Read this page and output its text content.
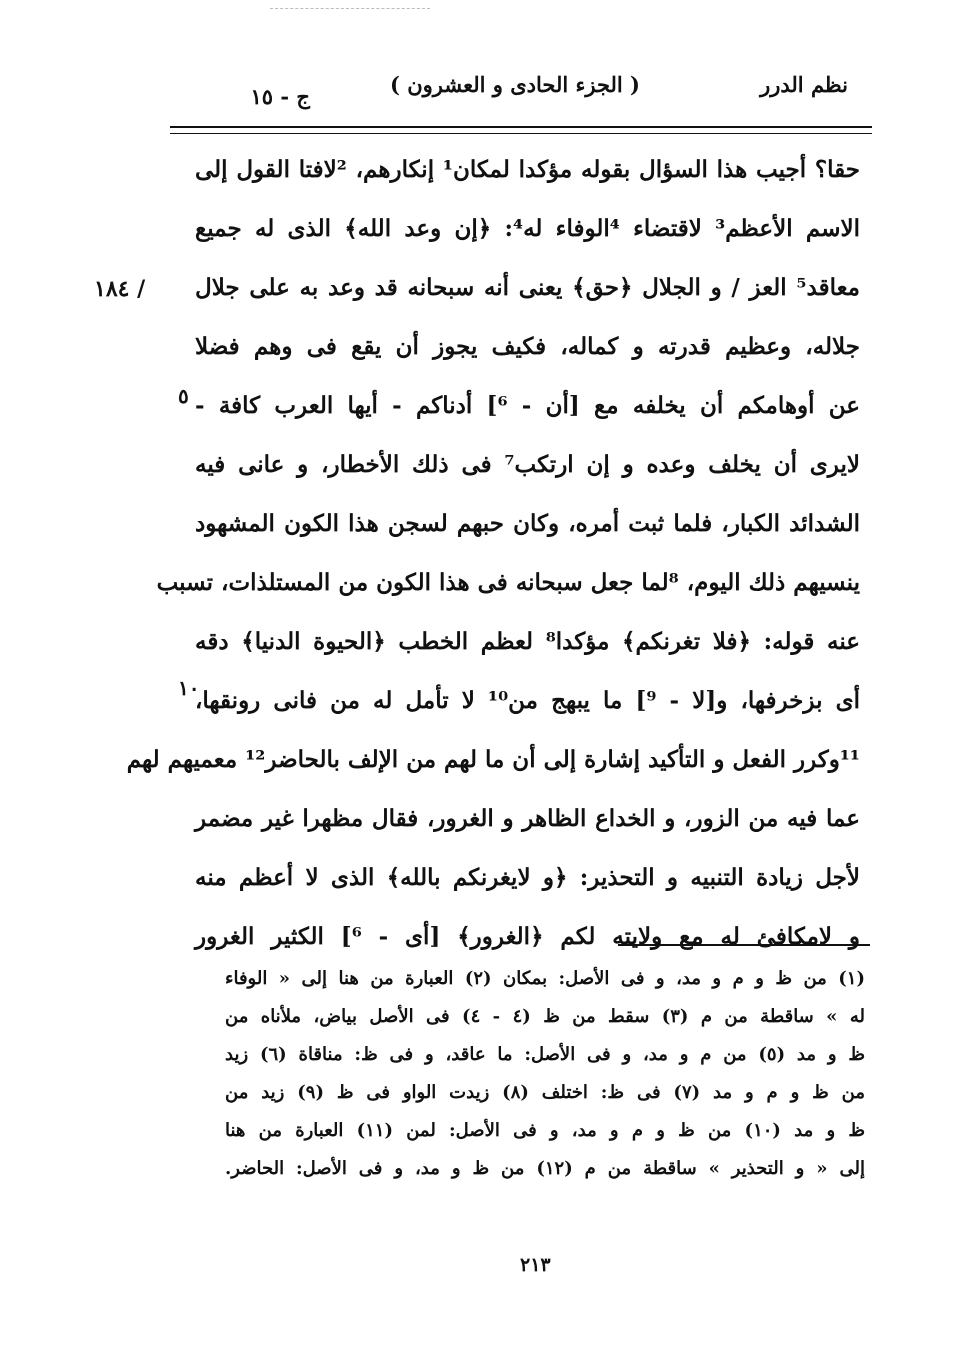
نظم الدرر
( الجزء الحادى و العشرون )
ج - ١٥
/ ١٨٤
٥
١٠
حقا؟ أجيب هذا السؤال بقوله مؤكدا لمكان¹ إنكارهم، ²لافتا القول إلى
الاسم الأعظم³ لاقتضاء ⁴الوفاء له⁴: ﴿إن وعد الله﴾ الذى له جميع
معاقد⁵ العز / و الجلال ﴿حق﴾ يعنى أنه سبحانه قد وعد به على جلال
جلاله، وعظيم قدرته و كماله، فكيف يجوز أن يقع فى وهم فضلا
عن أوهامكم أن يخلفه مع [أن - ⁶] أدناكم - أيها العرب كافة -
لايرى أن يخلف وعده و إن ارتكب⁷ فى ذلك الأخطار، و عانى فيه
الشدائد الكبار، فلما ثبت أمره، وكان حبهم لسجن هذا الكون المشهود
ينسيهم ذلك اليوم، ⁸لما جعل سبحانه فى هذا الكون من المستلذات، تسبب
عنه قوله: ﴿فلا تغرنكم﴾ مؤكدا⁸ لعظم الخطب ﴿الحيوة الدنيا﴾ دقه
أى بزخرفها، و[لا - ⁹] ما يبهج من¹⁰ لا تأمل له من فانى رونقها،
¹¹وكرر الفعل و التأكيد إشارة إلى أن ما لهم من الإلف بالحاضر¹² معميهم لهم
عما فيه من الزور، و الخداع الظاهر و الغرور، فقال مظهرا غير مضمر
لأجل زيادة التنبيه و التحذير: ﴿و لايغرنكم بالله﴾ الذى لا أعظم منه
و لامكافئ له مع ولايته لكم ﴿الغرور﴾ [أى - ⁶] الكثير الغرور
(١) من ظ و م و مد، و فى الأصل: بمكان (٢) العبارة من هنا إلى « الوفاء
له » ساقطة من م (٣) سقط من ظ (٤ - ٤) فى الأصل بياض، ملأناه من
ظ و مد (٥) من م و مد، و فى الأصل: ما عاقد، و فى ظ: مناقاة (٦) زيد
من ظ و م و مد (٧) فى ظ: اختلف (٨) زيدت الواو فى ظ (٩) زيد من
ظ و مد (١٠) من ظ و م و مد، و فى الأصل: لمن (١١) العبارة من هنا
إلى « و التحذير » ساقطة من م (١٢) من ظ و مد، و فى الأصل: الحاضر.
٢١٣
